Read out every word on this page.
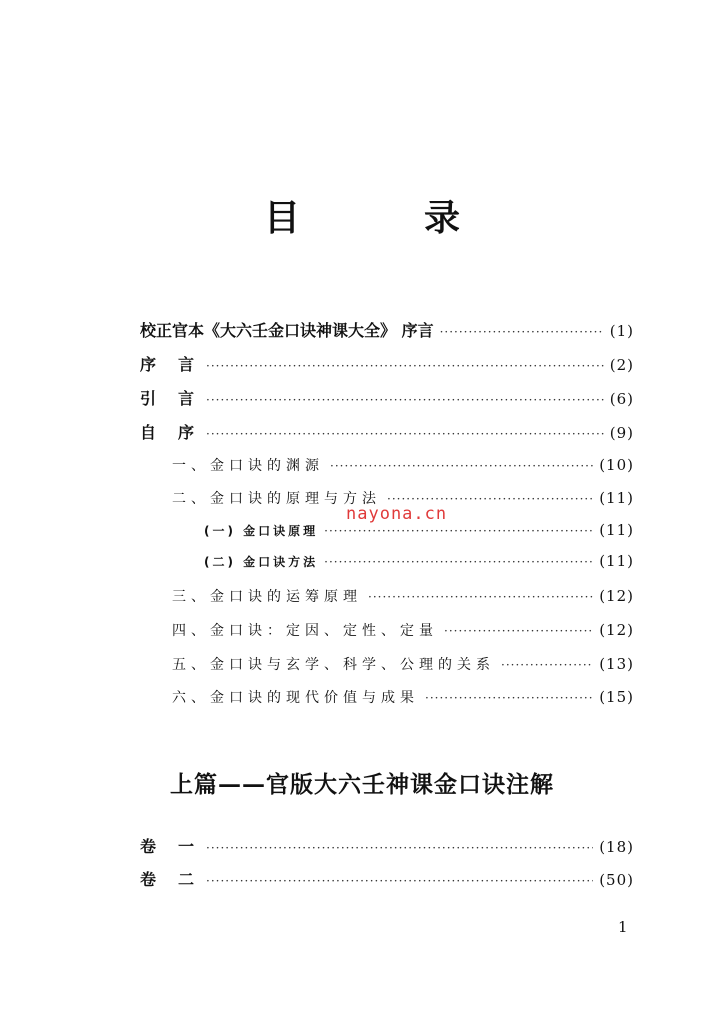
目　录
校正官本《大六壬金口诀神课大全》 序言 ·····	(1)
序言 ·····	(2)
引言 ·····	(6)
自序 ·····	(9)
一、金口诀的渊源 ·····	(10)
二、金口诀的原理与方法 ·····	(11)
(一) 金口诀原理 ·····	(11)
(二) 金口诀方法 ·····	(11)
三、金口诀的运筹原理 ·····	(12)
四、金口诀：定因、定性、定量 ·····	(12)
五、金口诀与玄学、科学、公理的关系 ·····	(13)
六、金口诀的现代价值与成果 ·····	(15)
nayona.cn
上篇——官版大六壬神课金口诀注解
卷一 ·····	(18)
卷二 ·····	(50)
1
